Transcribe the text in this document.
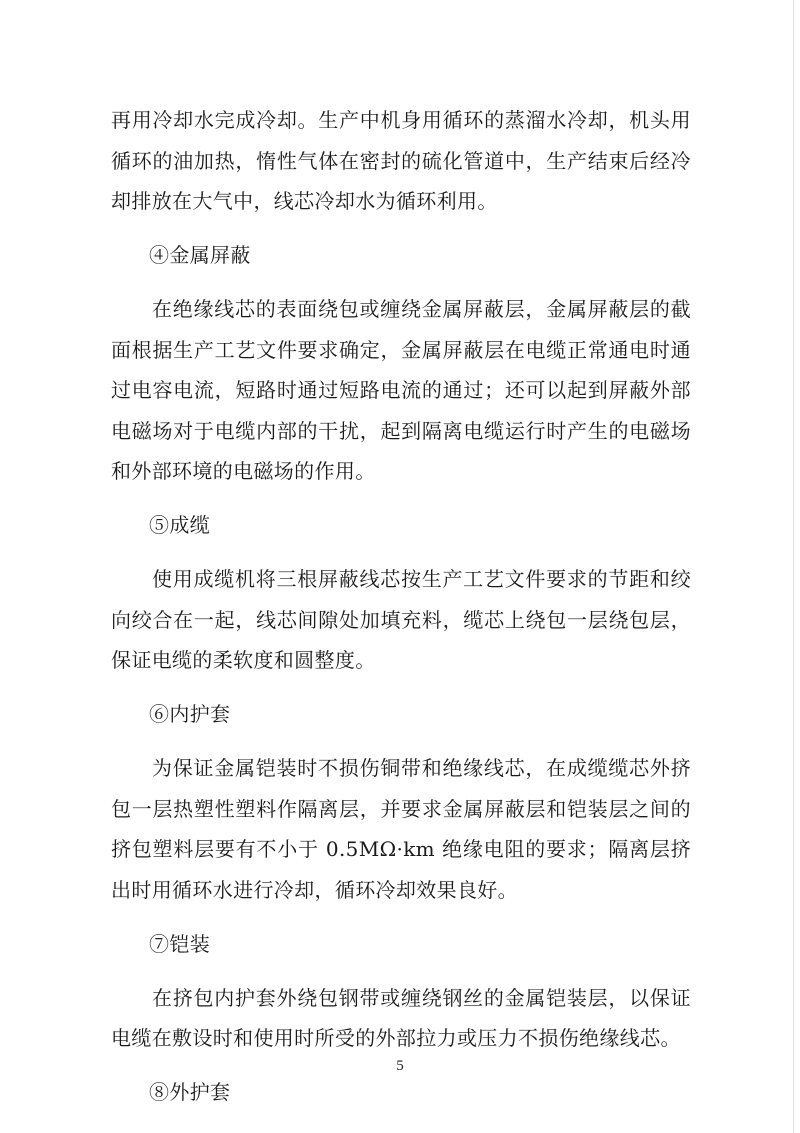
再用冷却水完成冷却。生产中机身用循环的蒸溜水冷却，机头用循环的油加热，惰性气体在密封的硫化管道中，生产结束后经冷却排放在大气中，线芯冷却水为循环利用。

④金属屏蔽

在绝缘线芯的表面绕包或缠绕金属屏蔽层，金属屏蔽层的截面根据生产工艺文件要求确定，金属屏蔽层在电缆正常通电时通过电容电流，短路时通过短路电流的通过；还可以起到屏蔽外部电磁场对于电缆内部的干扰，起到隔离电缆运行时产生的电磁场和外部环境的电磁场的作用。

⑤成缆

使用成缆机将三根屏蔽线芯按生产工艺文件要求的节距和绞向绞合在一起，线芯间隙处加填充料，缆芯上绕包一层绕包层，保证电缆的柔软度和圆整度。

⑥内护套

为保证金属铠装时不损伤铜带和绝缘线芯，在成缆缆芯外挤包一层热塑性塑料作隔离层，并要求金属屏蔽层和铠装层之间的挤包塑料层要有不小于 0.5MΩ·km 绝缘电阻的要求；隔离层挤出时用循环水进行冷却，循环冷却效果良好。

⑦铠装

在挤包内护套外绕包钢带或缠绕钢丝的金属铠装层，以保证电缆在敷设时和使用时所受的外部拉力或压力不损伤绝缘线芯。

⑧外护套

5
